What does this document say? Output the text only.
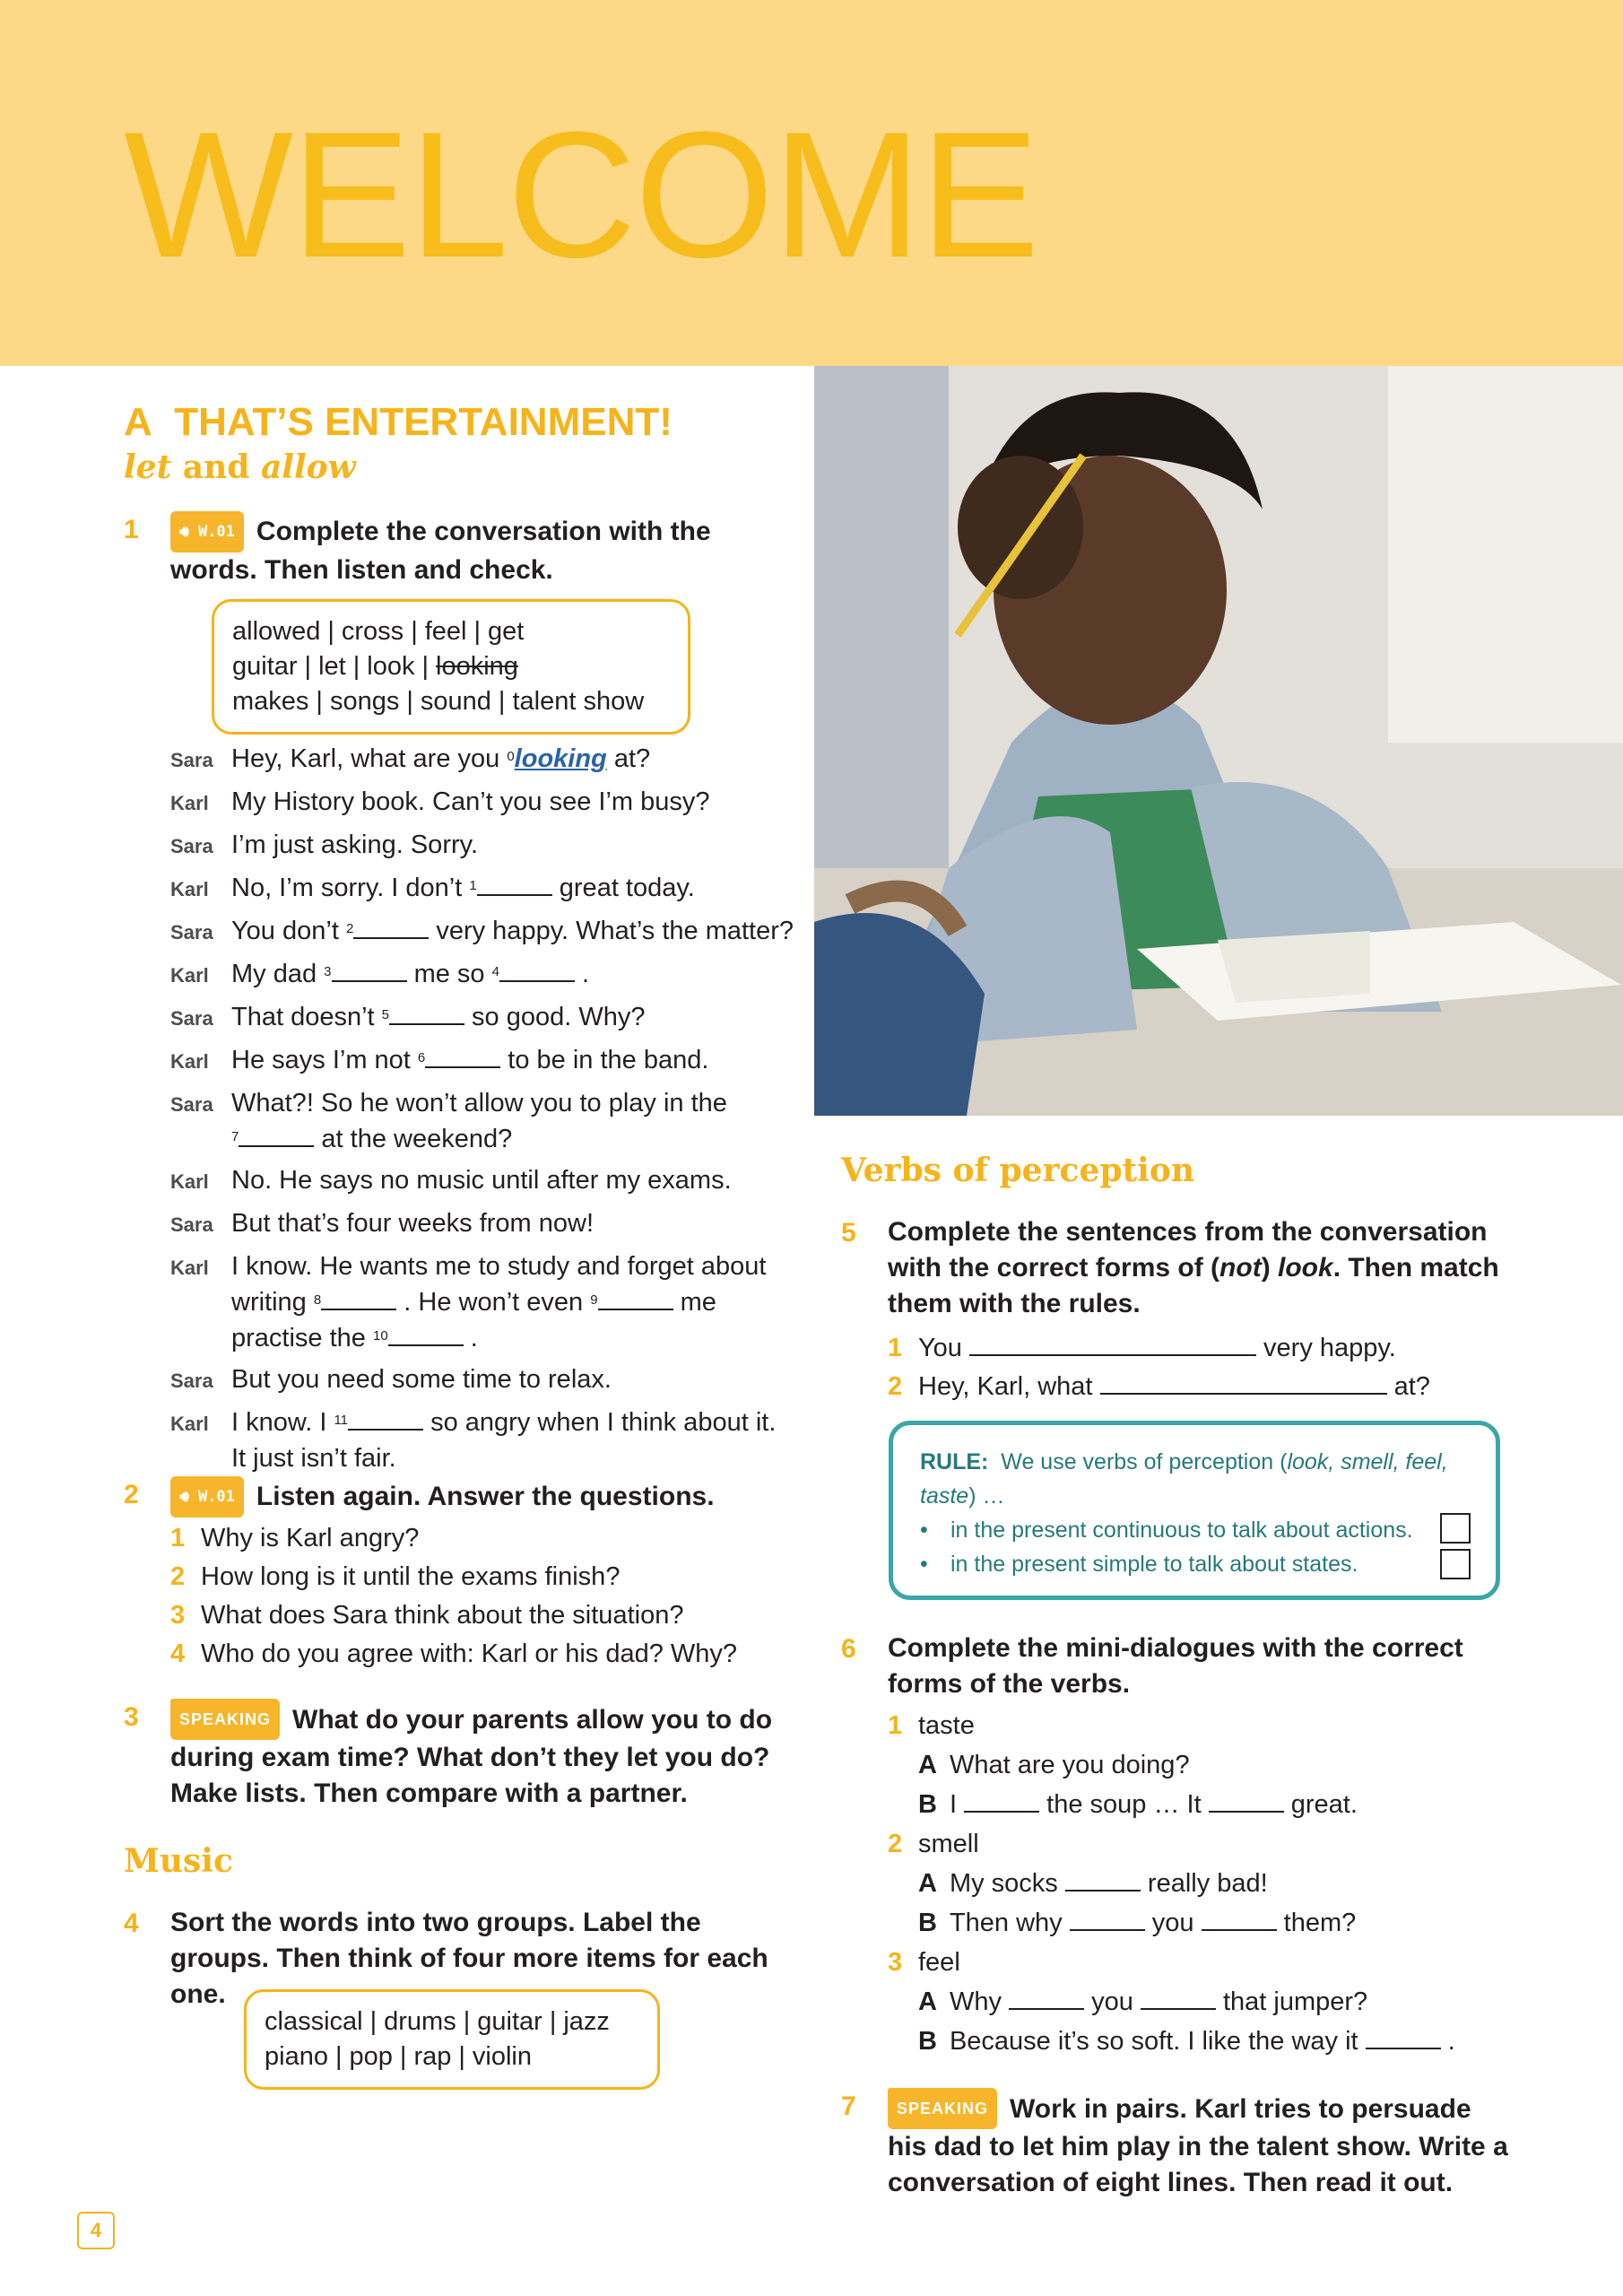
WELCOME
A THAT’S ENTERTAINMENT!
let and allow
1	🔊︎ W.01 Complete the conversation with the words. Then listen and check.
allowed | cross | feel | get
guitar | let | look | looking
makes | songs | sound | talent show
Sara Hey, Karl, what are you $^0$looking at?
Karl My History book. Can’t you see I’m busy?
Sara I’m just asking. Sorry.
Karl No, I’m sorry. I don’t $^1$	great today.
Sara You don’t $^2$	very happy. What’s the matter?
Karl My dad $^3$	me so $^4$	.
Sara That doesn’t $^5$	so good. Why?
Karl He says I’m not $^6$	to be in the band.
Sara What?! So he won’t allow you to play in the
$^7$	at the weekend?
Karl No. He says no music until after my exams.
Sara But that’s four weeks from now!
Karl I know. He wants me to study and forget about
writing $^8$	. He won’t even $^9$	me
practise the $^{10}$	.
Sara But you need some time to relax.
Karl I know. I $^{11}$	so angry when I think about it.
It just isn’t fair.
2	🔊︎ W.01 Listen again. Answer the questions.
1 Why is Karl angry?
2 How long is it until the exams finish?
3 What does Sara think about the situation?
4 Who do you agree with: Karl or his dad? Why?
3	SPEAKING What do your parents allow you to do during exam time? What don’t they let you do? Make lists. Then compare with a partner.
Music
4 Sort the words into two groups. Label the groups. Then think of four more items for each one.
classical | drums | guitar | jazz
piano | pop | rap | violin
Verbs of perception
5 Complete the sentences from the conversation with the correct forms of (not) look. Then match them with the rules.
1 You	very happy.
2 Hey, Karl, what	at?
RULE: We use verbs of perception (look, smell, feel, taste) …
• in the present continuous to talk about actions.
• in the present simple to talk about states.
6 Complete the mini-dialogues with the correct forms of the verbs.
1 taste
A What are you doing?
B I	the soup … It	great.
2 smell
A My socks	really bad!
B Then why	you	them?
3 feel
A Why	you	that jumper?
B Because it’s so soft. I like the way it	.
7	SPEAKING Work in pairs. Karl tries to persuade his dad to let him play in the talent show. Write a conversation of eight lines. Then read it out.
4
